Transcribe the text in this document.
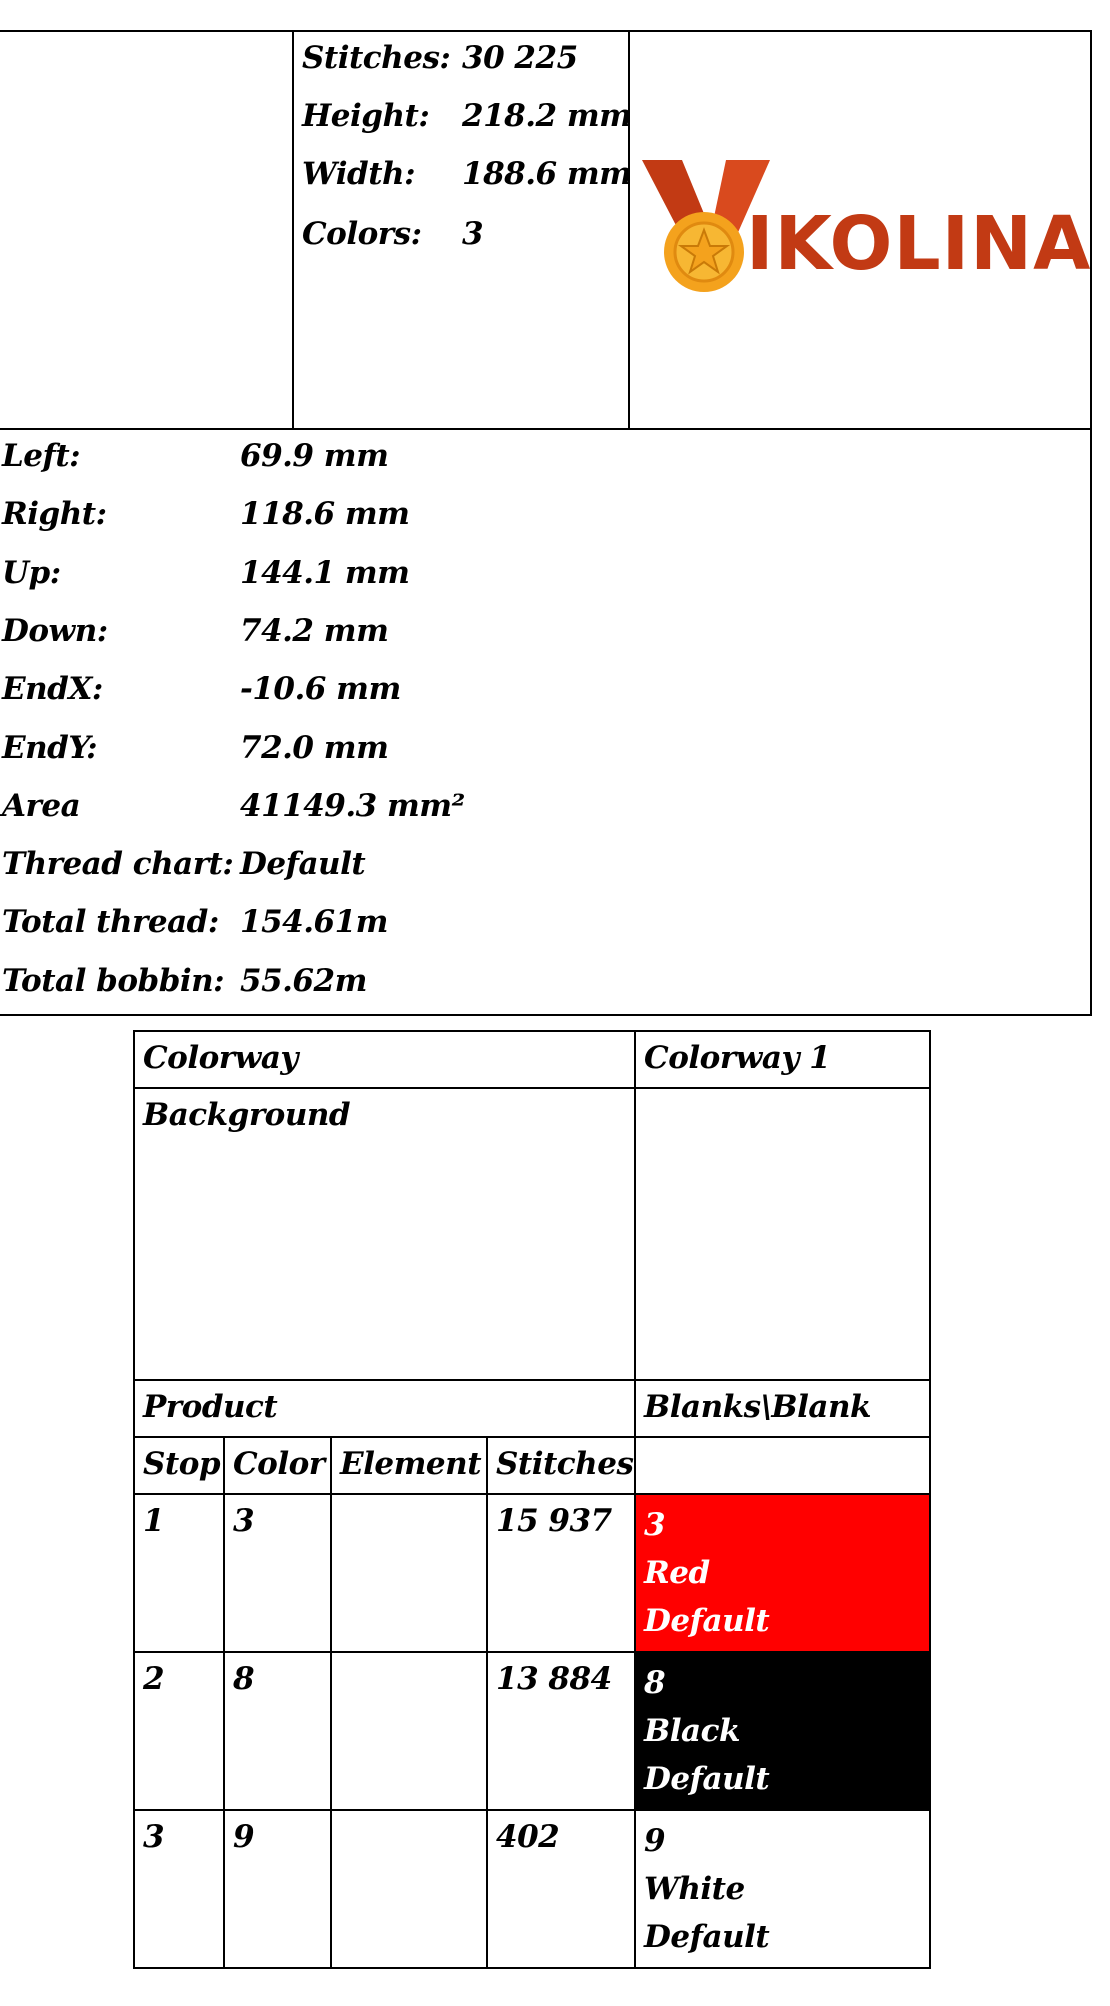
Stitches: 30 225
Height: 218.2 mm
Width: 188.6 mm
Colors: 3	IKOLINA
Left:	69.9 mm
Right:	118.6 mm
Up:	144.1 mm
Down:	74.2 mm
EndX:	-10.6 mm
EndY:	72.0 mm
Area	41149.3 mm²
Thread chart: Default
Total thread: 154.61m
Total bobbin: 55.62m
Colorway				Colorway 1
Background				
Product				Blanks\Blank
Stop	Color	Element	Stitches	
1	3		15 937	3
Red
Default

2	8		13 884	8
Black
Default

3	9		402	9
White
Default
